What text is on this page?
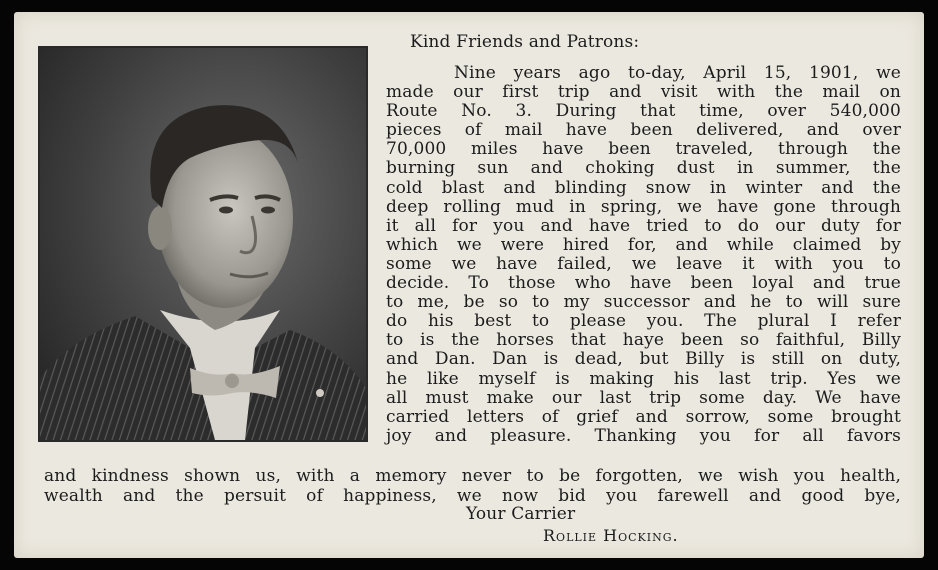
Kind Friends and Patrons:
Nine years ago to-day, April 15, 1901, we
made our first trip and visit with the mail on
Route No. 3. During that time, over 540,000
pieces of mail have been delivered, and over
70,000 miles have been traveled, through the
burning sun and choking dust in summer, the
cold blast and blinding snow in winter and the
deep rolling mud in spring, we have gone through
it all for you and have tried to do our duty for
which we were hired for, and while claimed by
some we have failed, we leave it with you to
decide. To those who have been loyal and true
to me, be so to my successor and he to will sure
do his best to please you. The plural I refer
to is the horses that haye been so faithful, Billy
and Dan. Dan is dead, but Billy is still on duty,
he like myself is making his last trip. Yes we
all must make our last trip some day. We have
carried letters of grief and sorrow, some brought
joy and pleasure. Thanking you for all favors
and kindness shown us, with a memory never to be forgotten, we wish you health,
wealth and the persuit of happiness, we now bid you farewell and good bye,
Your Carrier
Rollie Hocking.
